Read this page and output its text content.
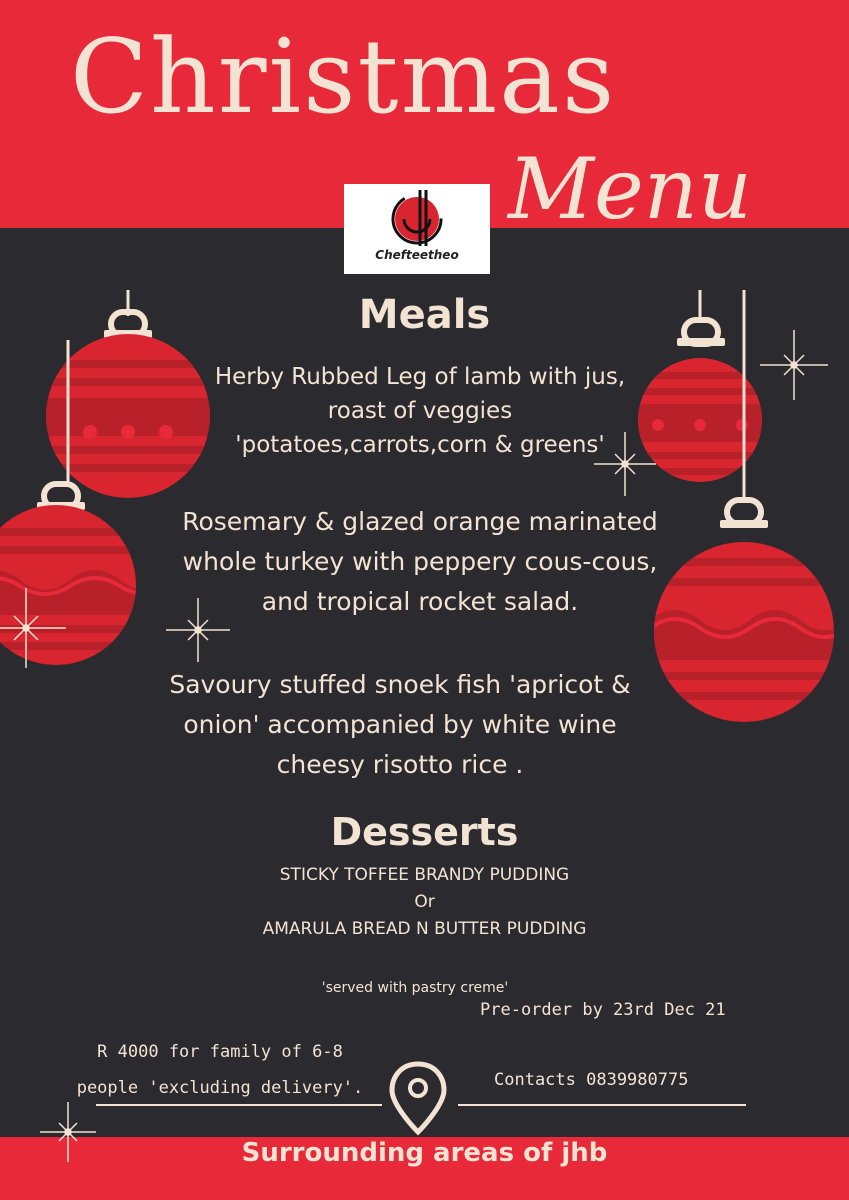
Christmas
Menu
Chefteetheo
Meals
Herby Rubbed Leg of lamb with jus,
roast of veggies
'potatoes,carrots,corn & greens'
Rosemary & glazed orange marinated
whole turkey with peppery cous-cous,
and tropical rocket salad.
Savoury stuffed snoek fish 'apricot &
onion' accompanied by white wine
cheesy risotto rice .
Desserts
STICKY TOFFEE BRANDY PUDDING
Or
AMARULA BREAD N BUTTER PUDDING
'served with pastry creme'
Pre-order by 23rd Dec 21
R 4000 for family of 6-8
people 'excluding delivery'.	Contacts 0839980775
Surrounding areas of jhb
